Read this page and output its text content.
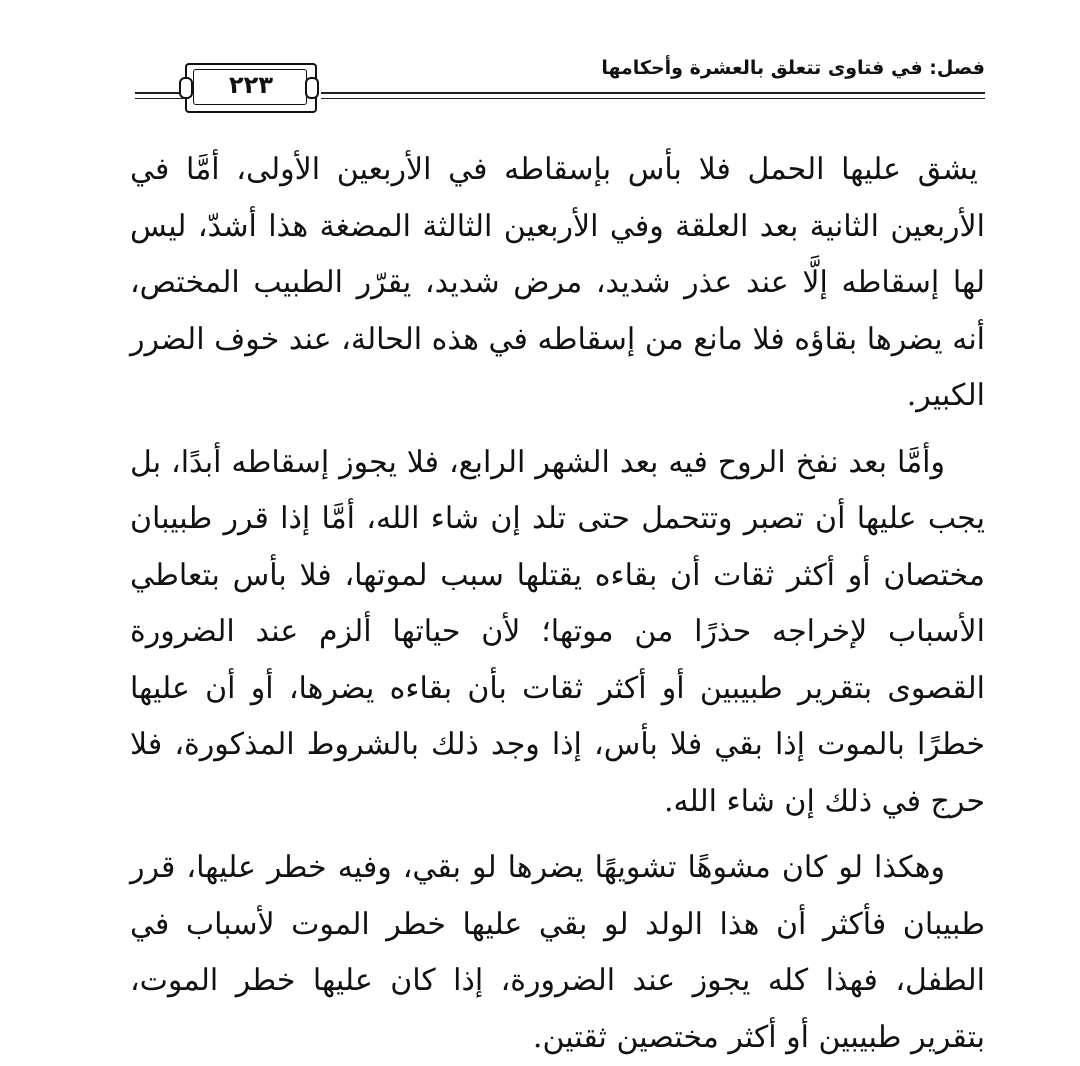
فصل: في فتاوى تتعلق بالعشرة وأحكامها
٢٢٣

يشق عليها الحمل فلا بأس بإسقاطه في الأربعين الأولى، أمَّا في الأربعين الثانية بعد العلقة وفي الأربعين الثالثة المضغة هذا أشدّ، ليس لها إسقاطه إلَّا عند عذر شديد، مرض شديد، يقرّر الطبيب المختص، أنه يضرها بقاؤه فلا مانع من إسقاطه في هذه الحالة، عند خوف الضرر الكبير.

وأمَّا بعد نفخ الروح فيه بعد الشهر الرابع، فلا يجوز إسقاطه أبدًا، بل يجب عليها أن تصبر وتتحمل حتى تلد إن شاء الله، أمَّا إذا قرر طبيبان مختصان أو أكثر ثقات أن بقاءه يقتلها سبب لموتها، فلا بأس بتعاطي الأسباب لإخراجه حذرًا من موتها؛ لأن حياتها ألزم عند الضرورة القصوى بتقرير طبيبين أو أكثر ثقات بأن بقاءه يضرها، أو أن عليها خطرًا بالموت إذا بقي فلا بأس، إذا وجد ذلك بالشروط المذكورة، فلا حرج في ذلك إن شاء الله.

وهكذا لو كان مشوهًا تشويهًا يضرها لو بقي، وفيه خطر عليها، قرر طبيبان فأكثر أن هذا الولد لو بقي عليها خطر الموت لأسباب في الطفل، فهذا كله يجوز عند الضرورة، إذا كان عليها خطر الموت، بتقرير طبيبين أو أكثر مختصين ثقتين.
